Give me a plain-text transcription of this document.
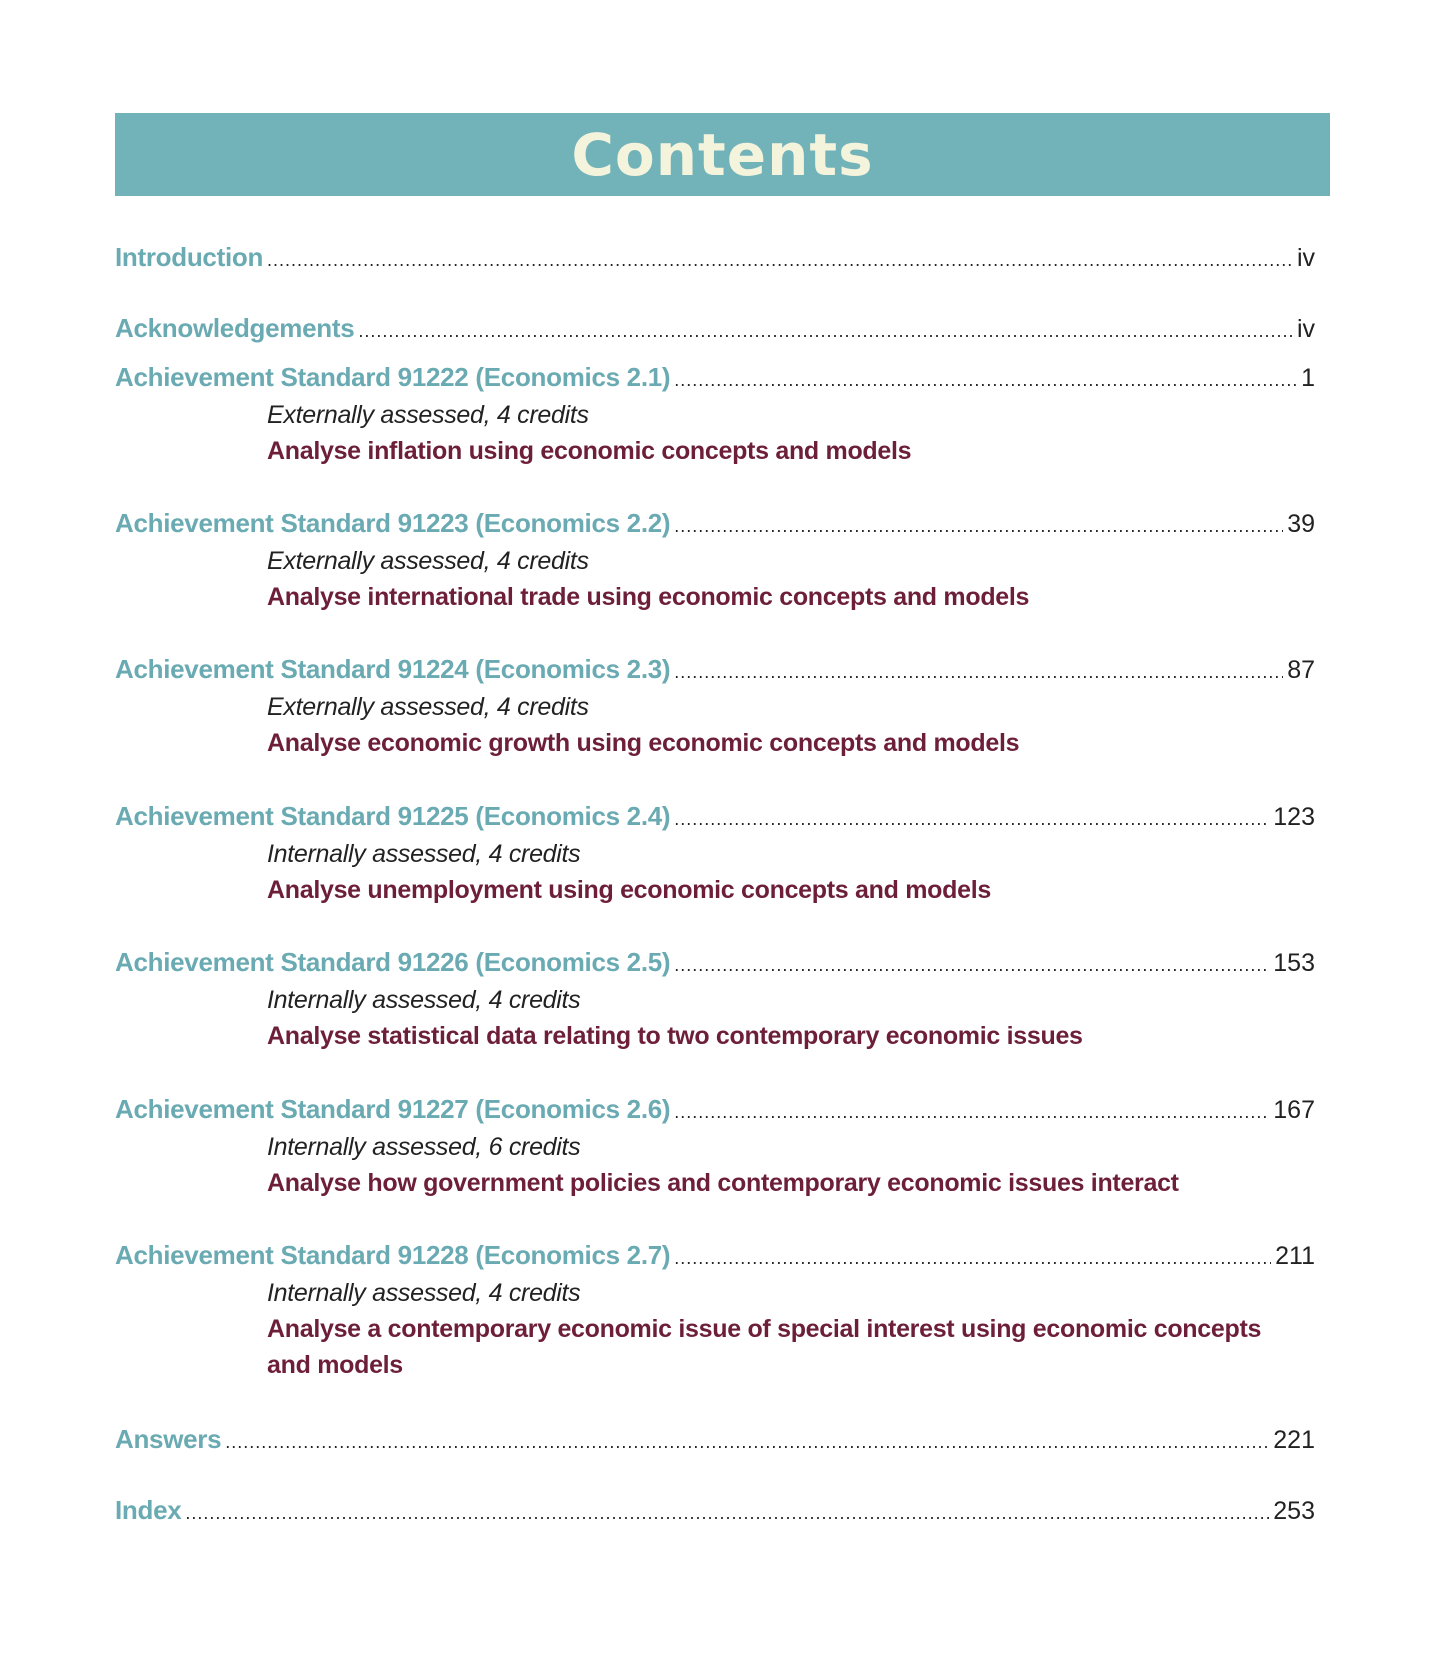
Contents
Introduction .....	iv
Acknowledgements .....	iv
Achievement Standard 91222 (Economics 2.1) .....	1
Externally assessed, 4 credits
Analyse inflation using economic concepts and models
Achievement Standard 91223 (Economics 2.2) .....	39
Externally assessed, 4 credits
Analyse international trade using economic concepts and models
Achievement Standard 91224 (Economics 2.3) .....	87
Externally assessed, 4 credits
Analyse economic growth using economic concepts and models
Achievement Standard 91225 (Economics 2.4) .....	123
Internally assessed, 4 credits
Analyse unemployment using economic concepts and models
Achievement Standard 91226 (Economics 2.5) .....	153
Internally assessed, 4 credits
Analyse statistical data relating to two contemporary economic issues
Achievement Standard 91227 (Economics 2.6) .....	167
Internally assessed, 6 credits
Analyse how government policies and contemporary economic issues interact
Achievement Standard 91228 (Economics 2.7) .....	211
Internally assessed, 4 credits
Analyse a contemporary economic issue of special interest using economic concepts
and models
Answers .....	221
Index .....	253
